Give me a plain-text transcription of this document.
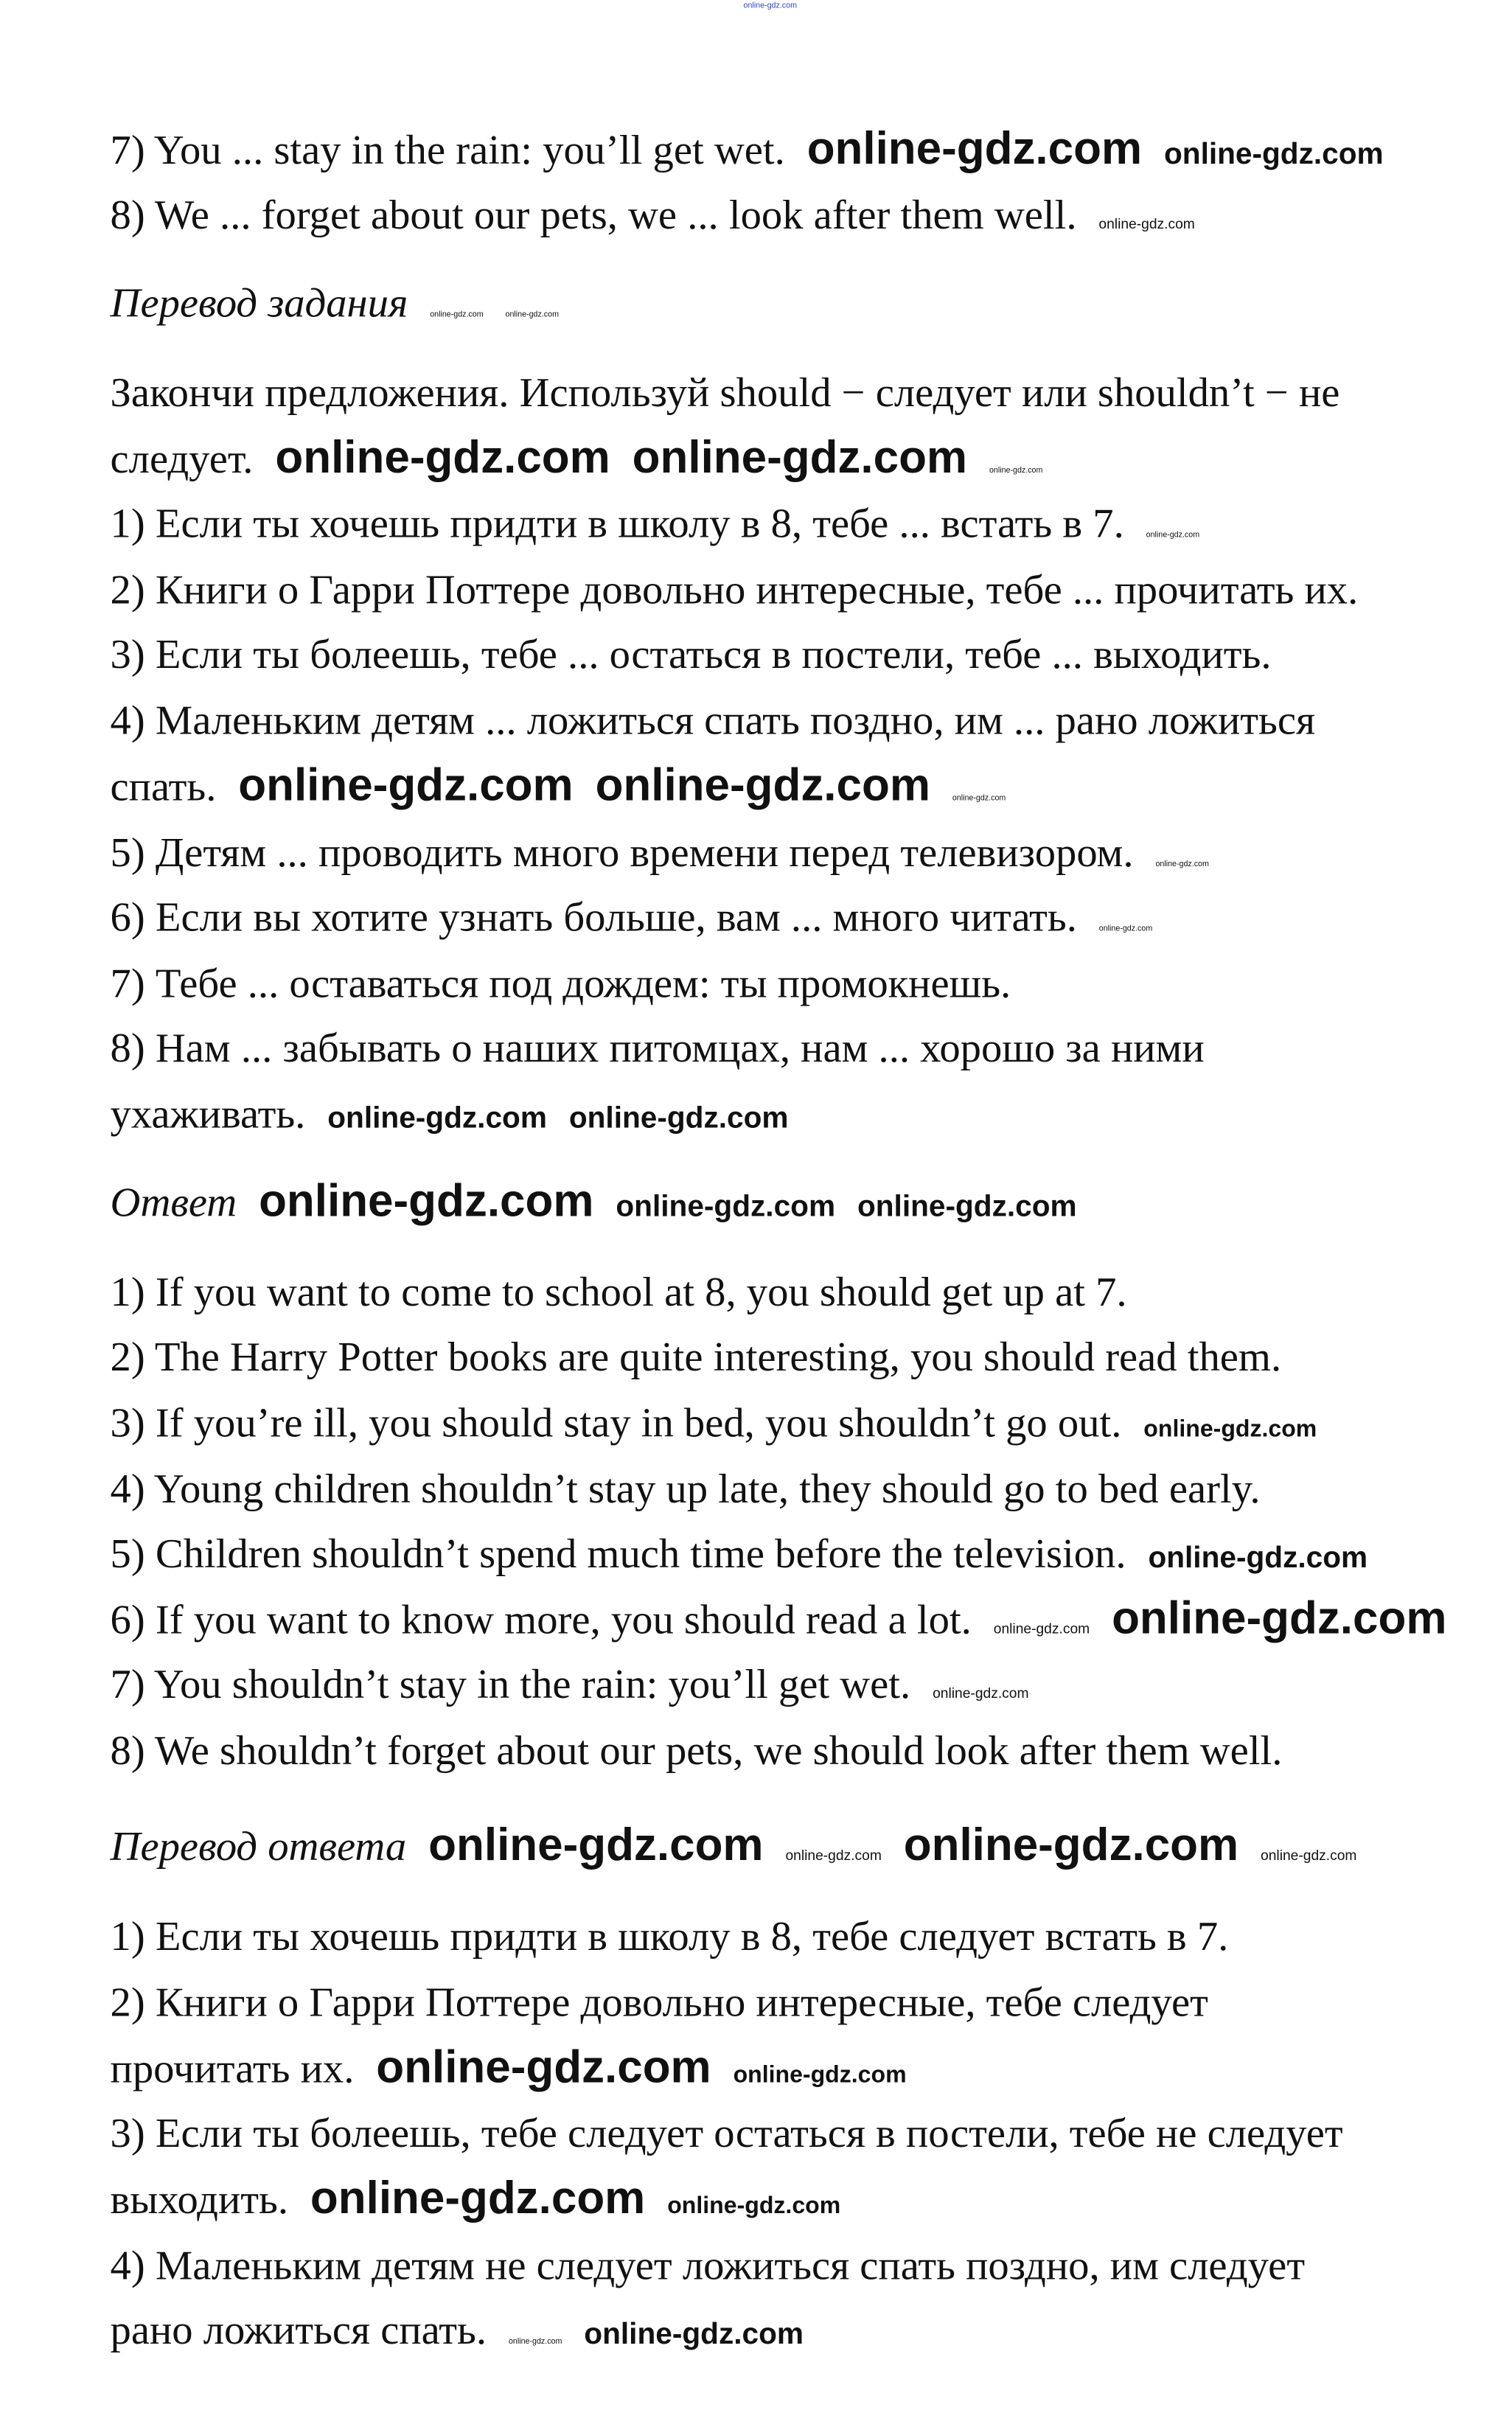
online-gdz.com
7) You ... stay in the rain: you’ll get wet. online-gdz.com online-gdz.com
8) We ... forget about our pets, we ... look after them well.	online-gdz.com
Перевод задания	online-gdz.com	online-gdz.com
Закончи предложения. Используй should − следует или shouldn’t − не
следует. online-gdz.com online-gdz.com	online-gdz.com
1) Если ты хочешь придти в школу в 8, тебе ... встать в 7.	online-gdz.com
2) Книги о Гарри Поттере довольно интересные, тебе ... прочитать их.
3) Если ты болеешь, тебе ... остаться в постели, тебе ... выходить.
4) Маленьким детям ... ложиться спать поздно, им ... рано ложиться
спать. online-gdz.com online-gdz.com	online-gdz.com
5) Детям ... проводить много времени перед телевизором.	online-gdz.com
6) Если вы хотите узнать больше, вам ... много читать.	online-gdz.com
7) Тебе ... оставаться под дождем: ты промокнешь.
8) Нам ... забывать о наших питомцах, нам ... хорошо за ними
ухаживать. online-gdz.com online-gdz.com
Ответ online-gdz.com online-gdz.com online-gdz.com
1) If you want to come to school at 8, you should get up at 7.
2) The Harry Potter books are quite interesting, you should read them.
3) If you’re ill, you should stay in bed, you shouldn’t go out. online-gdz.com
4) Young children shouldn’t stay up late, they should go to bed early.
5) Children shouldn’t spend much time before the television. online-gdz.com
6) If you want to know more, you should read a lot.	online-gdz.com online-gdz.com
7) You shouldn’t stay in the rain: you’ll get wet.	online-gdz.com
8) We shouldn’t forget about our pets, we should look after them well.
Перевод ответа online-gdz.com	online-gdz.com online-gdz.com	online-gdz.com
1) Если ты хочешь придти в школу в 8, тебе следует встать в 7.
2) Книги о Гарри Поттере довольно интересные, тебе следует
прочитать их. online-gdz.com online-gdz.com
3) Если ты болеешь, тебе следует остаться в постели, тебе не следует
выходить. online-gdz.com online-gdz.com
4) Маленьким детям не следует ложиться спать поздно, им следует
рано ложиться спать.	online-gdz.com online-gdz.com
